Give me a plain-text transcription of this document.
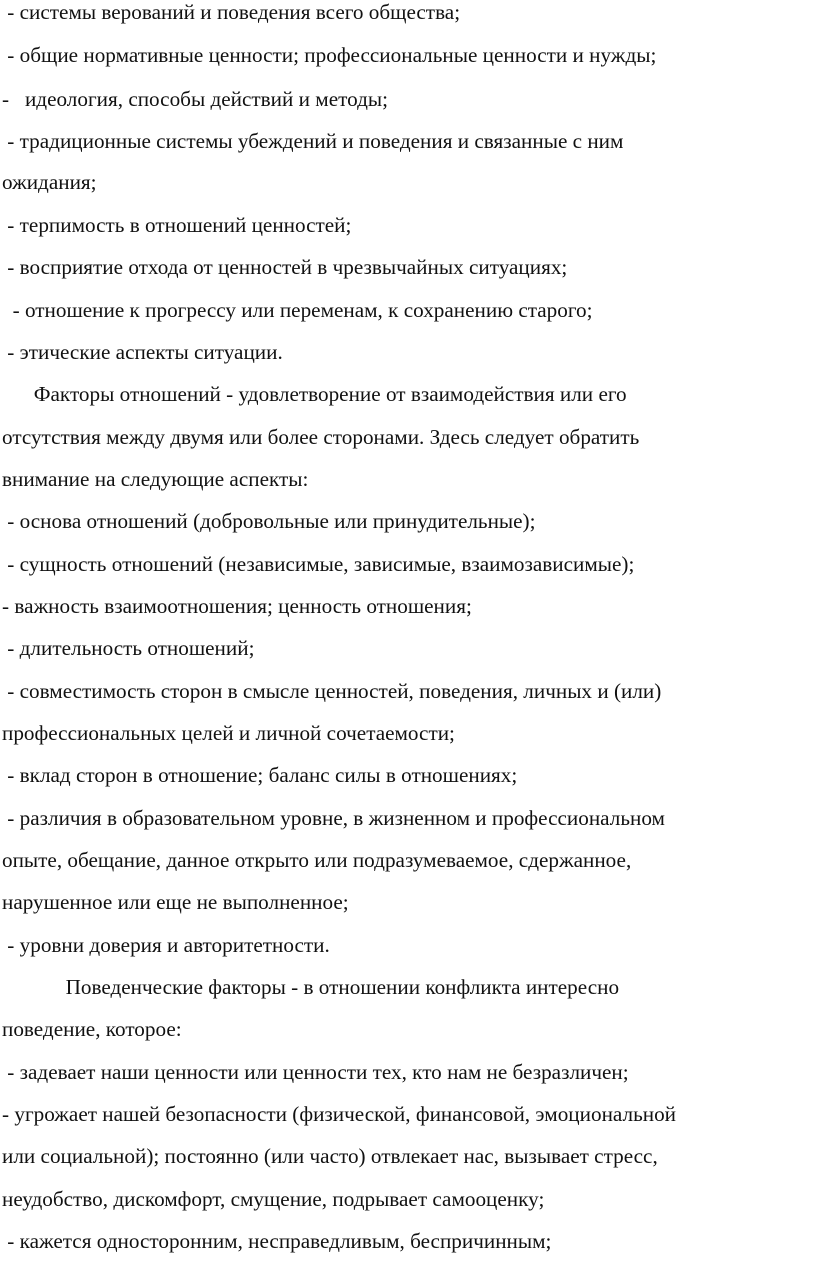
- системы верований и поведения всего общества;
- общие нормативные ценности; профессиональные ценности и нужды;
-   идеология, способы действий и методы;
- традиционные системы убеждений и поведения и связанные с ним
ожидания;
- терпимость в отношений ценностей;
- восприятие отхода от ценностей в чрезвычайных ситуациях;
- отношение к прогрессу или переменам, к сохранению старого;
- этические аспекты ситуации.
Факторы отношений - удовлетворение от взаимодействия или его
отсутствия между двумя или более сторонами. Здесь следует обратить
внимание на следующие аспекты:
- основа отношений (добровольные или принудительные);
- сущность отношений (независимые, зависимые, взаимозависимые);
- важность взаимоотношения; ценность отношения;
- длительность отношений;
- совместимость сторон в смысле ценностей, поведения, личных и (или)
профессиональных целей и личной сочетаемости;
- вклад сторон в отношение; баланс силы в отношениях;
- различия в образовательном уровне, в жизненном и профессиональном
опыте, обещание, данное открыто или подразумеваемое, сдержанное,
нарушенное или еще не выполненное;
- уровни доверия и авторитетности.
Поведенческие факторы - в отношении конфликта интересно
поведение, которое:
- задевает наши ценности или ценности тех, кто нам не безразличен;
- угрожает нашей безопасности (физической, финансовой, эмоциональной
или социальной); постоянно (или часто) отвлекает нас, вызывает стресс,
неудобство, дискомфорт, смущение, подрывает самооценку;
- кажется односторонним, несправедливым, беспричинным;
